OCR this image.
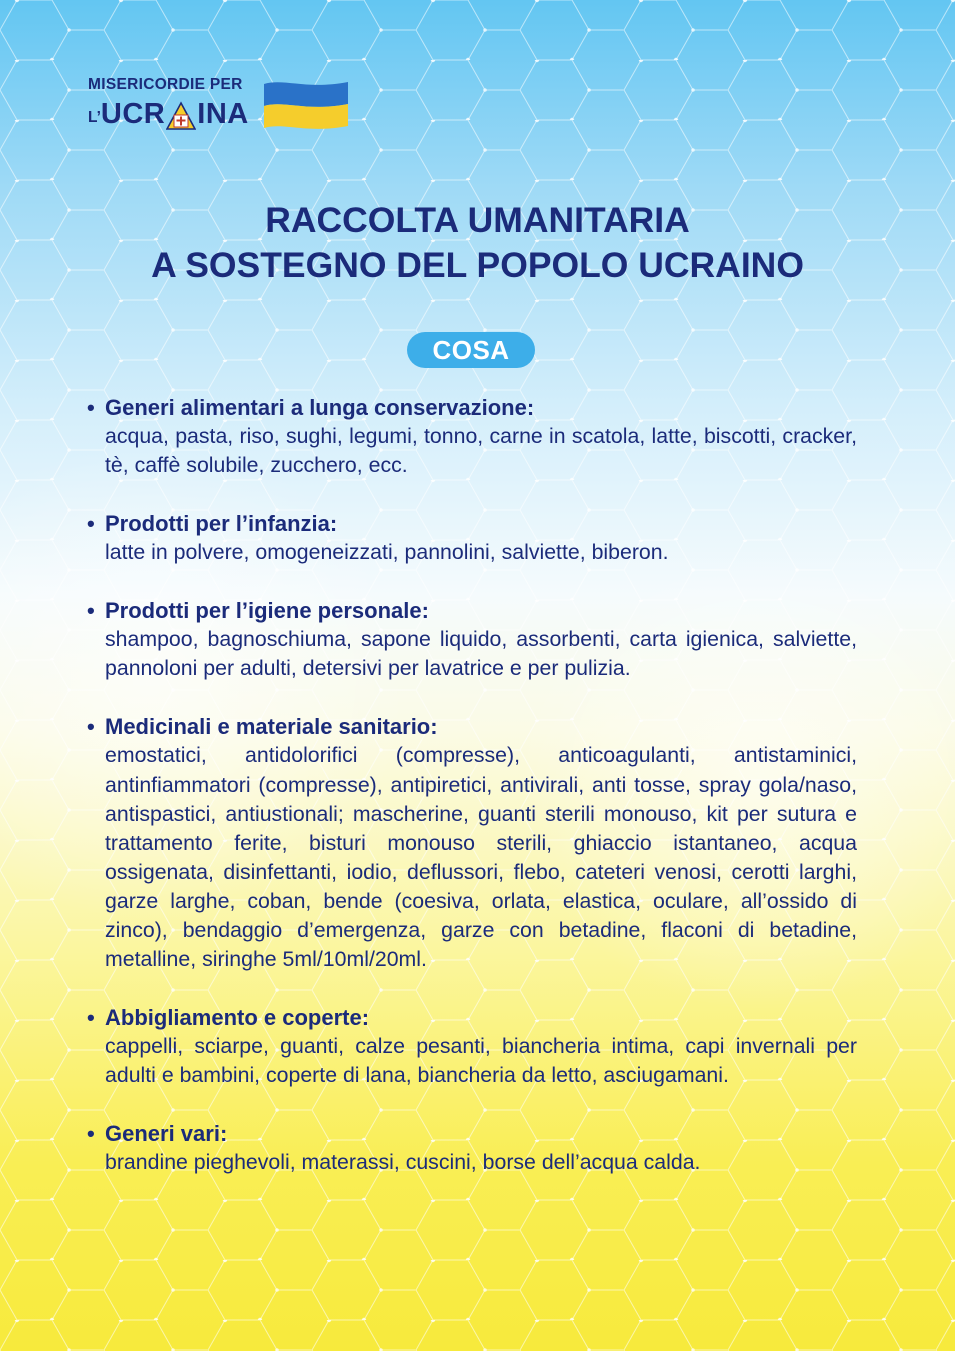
MISERICORDIE PER
L’ UCR INA
RACCOLTA UMANITARIA
A SOSTEGNO DEL POPOLO UCRAINO
COSA
• Generi alimentari a lunga conservazione:
acqua, pasta, riso, sughi, legumi, tonno, carne in scatola, latte, biscotti, cracker, tè, caffè solubile, zucchero, ecc.
• Prodotti per l’infanzia:
latte in polvere, omogeneizzati, pannolini, salviette, biberon.
• Prodotti per l’igiene personale:
shampoo, bagnoschiuma, sapone liquido, assorbenti, carta igienica, salviette, pannoloni per adulti, detersivi per lavatrice e per pulizia.
• Medicinali e materiale sanitario:
emostatici, antidolorifici (compresse), anticoagulanti, antistaminici, antinfiammatori (compresse), antipiretici, antivirali, anti tosse, spray gola/naso, antispastici, antiustionali; mascherine, guanti sterili monouso, kit per sutura e trattamento ferite, bisturi monouso sterili, ghiaccio istantaneo, acqua ossigenata, disinfettanti, iodio, deflussori, flebo, cateteri venosi, cerotti larghi, garze larghe, coban, bende (coesiva, orlata, elastica, oculare, all’ossido di zinco), bendaggio d’emergenza, garze con betadine, flaconi di betadine, metalline, siringhe 5ml/10ml/20ml.
• Abbigliamento e coperte:
cappelli, sciarpe, guanti, calze pesanti, biancheria intima, capi invernali per adulti e bambini, coperte di lana, biancheria da letto, asciugamani.
• Generi vari:
brandine pieghevoli, materassi, cuscini, borse dell’acqua calda.
